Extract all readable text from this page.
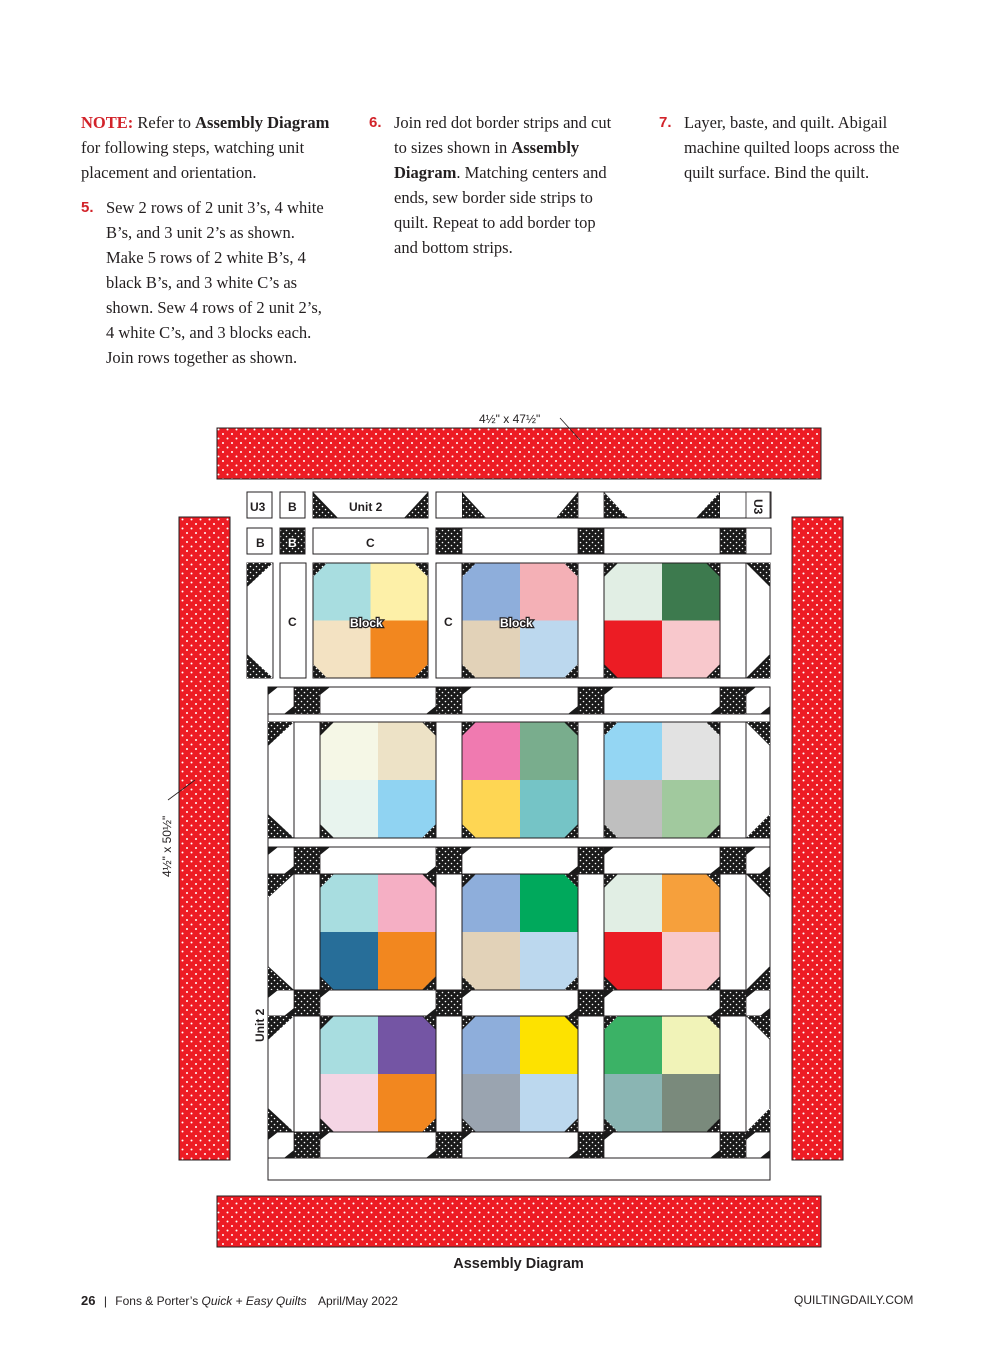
NOTE: Refer to Assembly Diagram for following steps, watching unit placement and orientation.

5. Sew 2 rows of 2 unit 3’s, 4 white B’s, and 3 unit 2’s as shown. Make 5 rows of 2 white B’s, 4 black B’s, and 3 white C’s as shown. Sew 4 rows of 2 unit 2’s, 4 white C’s, and 3 blocks each. Join rows together as shown.

6. Join red dot border strips and cut to sizes shown in Assembly Diagram. Matching centers and ends, sew border side strips to quilt. Repeat to add border top and bottom strips.

7. Layer, baste, and quilt. Abigail machine quilted loops across the quilt surface. Bind the quilt.

4½" x 47½"
4½" x 50½"
U3 B	Unit 2	U3
B B	C
Unit 2
C	Block	C	Block
Assembly Diagram
26 | Fons & Porter’s Quick + Easy Quilts April/May 2022	QUILTINGDAILY.COM
